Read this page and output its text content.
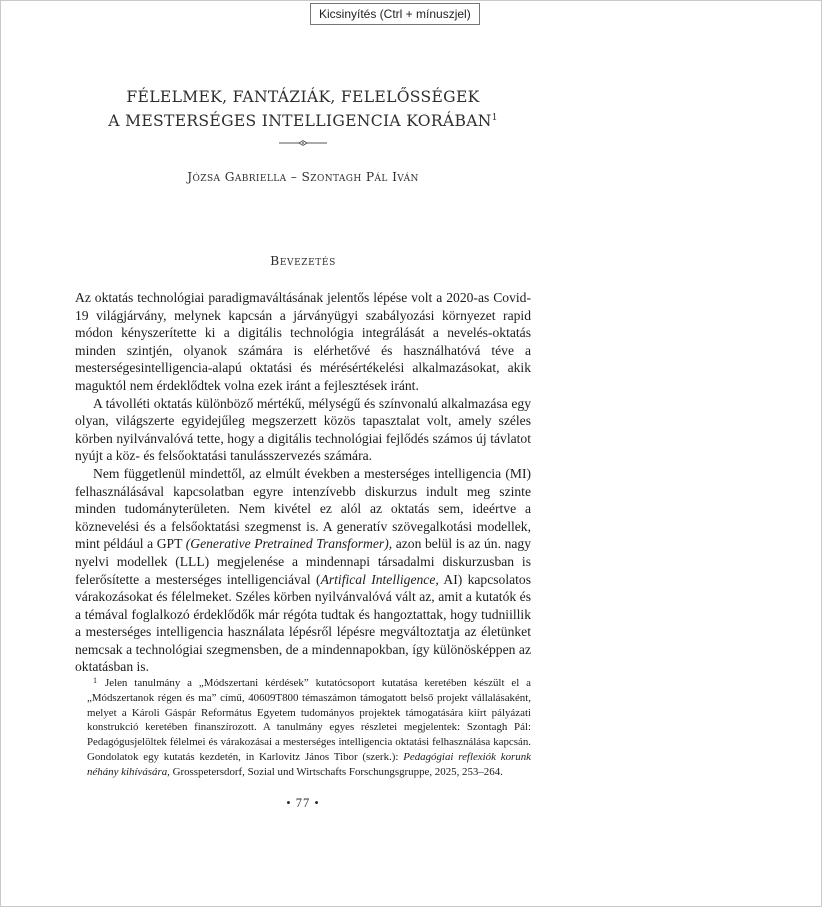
Kicsinyítés (Ctrl + mínuszjel)
FÉLELMEK, FANTÁZIÁK, FELELŐSSÉGEK
A MESTERSÉGES INTELLIGENCIA KORÁBAN$^1$
Józsa Gabriella – Szontagh Pál Iván
Bevezetés

Az oktatás technológiai paradigmaváltásának jelentős lépése volt a 2020-as Covid-19 világjárvány, melynek kapcsán a járványügyi szabályozási környezet rapid módon kényszerítette ki a digitális technológia integrálását a nevelés-oktatás minden szintjén, olyanok számára is elérhetővé és használhatóvá téve a mesterségesintelligencia-alapú oktatási és mérésértékelési alkalmazásokat, akik maguktól nem érdeklődtek volna ezek iránt a fejlesztések iránt.

A távolléti oktatás különböző mértékű, mélységű és színvonalú alkalmazása egy olyan, világszerte egyidejűleg megszerzett közös tapasztalat volt, amely széles körben nyilvánvalóvá tette, hogy a digitális technológiai fejlődés számos új távlatot nyújt a köz- és felsőoktatási tanulásszervezés számára.

Nem függetlenül mindettől, az elmúlt években a mesterséges intelligencia (MI) felhasználásával kapcsolatban egyre intenzívebb diskurzus indult meg szinte minden tudományterületen. Nem kivétel ez alól az oktatás sem, ideértve a köznevelési és a felsőoktatási szegmenst is. A generatív szövegalkotási modellek, mint például a GPT (Generative Pretrained Transformer), azon belül is az ún. nagy nyelvi modellek (LLL) megjelenése a mindennapi társadalmi diskurzusban is felerősítette a mesterséges intelligenciával (Artifical Intelligence, AI) kapcsolatos várakozásokat és félelmeket. Széles körben nyilvánvalóvá vált az, amit a kutatók és a témával foglalkozó érdeklődők már régóta tudtak és hangoztattak, hogy tudniillik a mesterséges intelligencia használata lépésről lépésre megváltoztatja az életünket nemcsak a technológiai szegmensben, de a mindennapokban, így különösképpen az oktatásban is.

1 Jelen tanulmány a „Módszertani kérdések” kutatócsoport kutatása keretében készült el a „Módszertanok régen és ma” című, 40609T800 témaszámon támogatott belső projekt vállalásaként, melyet a Károli Gáspár Református Egyetem tudományos projektek támogatására kiírt pályázati konstrukció keretében finanszírozott. A tanulmány egyes részletei megjelentek: Szontagh Pál: Pedagógusjelöltek félelmei és várakozásai a mesterséges intelligencia oktatási felhasználása kapcsán. Gondolatok egy kutatás kezdetén, in Karlovitz János Tibor (szerk.): Pedagógiai reflexiók korunk néhány kihívására, Grosspetersdorf, Sozial und Wirtschafts Forschungsgruppe, 2025, 253–264.

• 77 •
